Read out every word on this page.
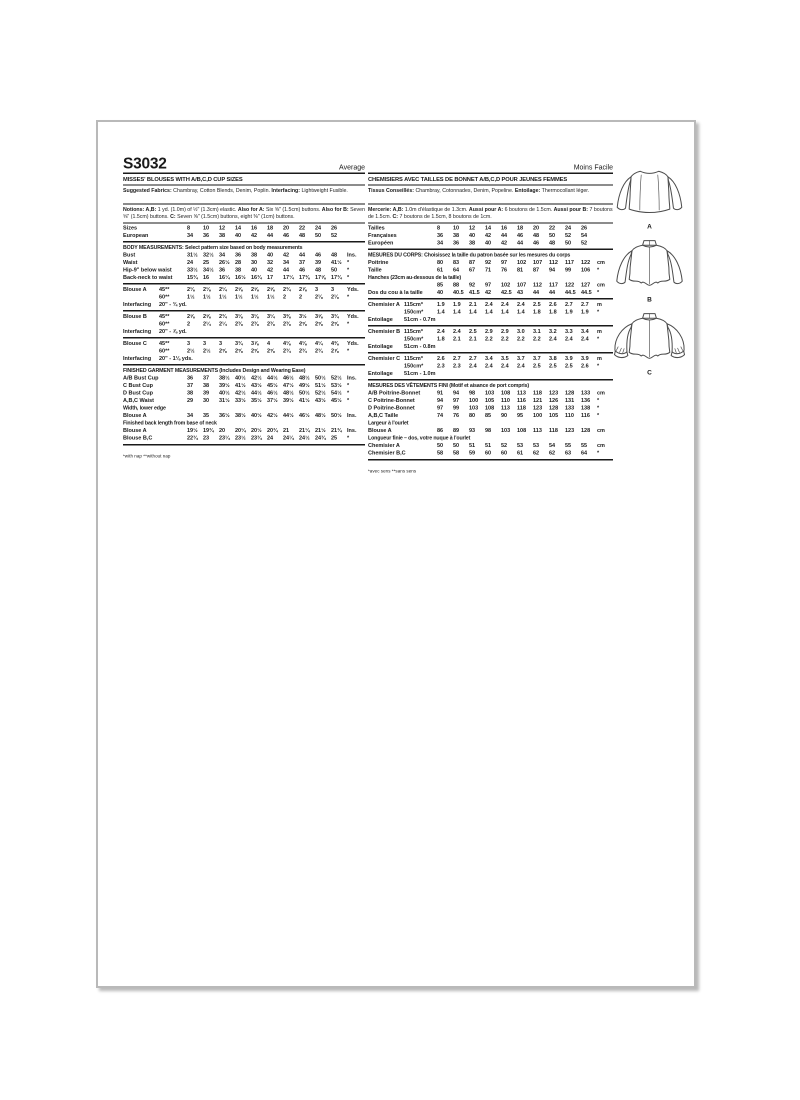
S3032	Average
MISSES' BLOUSES WITH A/B,C,D CUP SIZES
Suggested Fabrics: Chambray, Cotton Blends, Denim, Poplin. Interfacing: Lightweight Fusible.
Notions: A,B: 1 yd. (1.0m) of ½" (1.3cm) elastic. Also for A: Six ⅝" (1.5cm) buttons. Also for B: Seven ⅝" (1.5cm) buttons. C: Seven ⅝" (1.5cm) buttons, eight ⅜" (1cm) buttons.
Sizes	8	10 12 14 16 18 20 22 24 26
European	34 36 38 40 42 44 46 48 50 52
BODY MEASUREMENTS: Select pattern size based on body measurements
Bust	31½ 32½ 34 36 38 40 42 44 46 48 Ins.
Waist	24 25 26½ 28 30 32 34 37 39 41½ *
Hip-9" below waist	33½ 34½ 36 38 40 42 44 46 48 50 *
Back-neck to waist	15¾ 16 16¼ 16½ 16¾ 17 17¼ 17⅜ 17⅝ 17¾ *
Blouse A	45**	2⅛ 2⅛ 2¼ 2⅝ 2⅝ 2⅝ 2¾ 2⅞ 3	3	Yds.
60**	1½ 1½ 1½ 1½ 1½ 1½ 2	2	2⅛ 2⅛ *
Interfacing 20" - ¾ yd.
Blouse B	45**	2⅝ 2⅝ 2¾ 3⅛ 3⅛ 3¼ 3⅜ 3½ 3⅝ 3¾ Yds.
60**	2	2¼ 2¼ 2⅜ 2⅜ 2⅜ 2⅜ 2⅝ 2⅝ 2⅝ *
Interfacing 20" - ⅞ yd.
Blouse C	45**	3	3	3	3¾ 3⅞ 4	4⅛ 4⅛ 4¼ 4⅜ Yds.
60**	2½ 2½ 2⅝ 2⅝ 2⅝ 2⅝ 2¾ 2¾ 2¾ 2⅞ *
Interfacing 20" - 1⅛ yds.
FINISHED GARMENT MEASUREMENTS (Includes Design and Wearing Ease)
A/B Bust Cup	36 37 38½ 40½ 42½ 44½ 46½ 48½ 50½ 52½ Ins.
C Bust Cup	37 38 39½ 41½ 43½ 45½ 47½ 49½ 51½ 53½ *
D Bust Cup	38 39 40½ 42½ 44½ 46½ 48½ 50½ 52½ 54½ *
A,B,C Waist	29 30 31½ 33½ 35½ 37½ 39½ 41½ 43½ 45½ *
Width, lower edge
Blouse A	34 35 36½ 38½ 40½ 42½ 44½ 46½ 48½ 50½ Ins.
Finished back length from base of neck
Blouse A	19½ 19¾ 20 20¼ 20½ 20¾ 21 21¼ 21½ 21¾ Ins.
Blouse B,C	22¾ 23 23¼ 23½ 23¾ 24 24¼ 24½ 24¾ 25 *
*with nap **without nap
Moins Facile
CHEMISIERS AVEC TAILLES DE BONNET A/B,C,D POUR JEUNES FEMMES
Tissus Conseillés: Chambray, Cotonnades, Denim, Popeline. Entoilage: Thermocollant léger.
Mercerie: A,B: 1.0m d'élastique de 1.3cm. Aussi pour A: 6 boutons de 1.5cm. Aussi pour B: 7 boutons de 1.5cm. C: 7 boutons de 1.5cm, 8 boutons de 1cm.
Tailles	8	10 12 14 16 18 20 22 24 26
Françaises	36 38 40 42 44 46 48 50 52 54
Européen	34 36 38 40 42 44 46 48 50 52
MESURES DU CORPS: Choisissez la taille du patron basée sur les mesures du corps
Poitrine	80 83 87 92 97 102 107 112 117 122 cm
Taille	61 64 67 71 76 81 87 94 99 106 *
Hanches (23cm au-dessous de la taille)
85 88 92 97 102 107 112 117 122 127 cm
Dos du cou à la taille	40 40.5 41.5 42 42.5 43 44 44 44.5 44.5 *
Chemisier A 115cm*	1.9 1.9 2.1 2.4 2.4 2.4 2.5 2.6 2.7 2.7 m
150cm*	1.4 1.4 1.4 1.4 1.4 1.4 1.8 1.8 1.9 1.9 *
Entoilage	51cm - 0.7m
Chemisier B 115cm*	2.4 2.4 2.5 2.9 2.9 3.0 3.1 3.2 3.3 3.4 m
150cm*	1.8 2.1 2.1 2.2 2.2 2.2 2.2 2.4 2.4 2.4 *
Entoilage	51cm - 0.8m
Chemisier C 115cm*	2.6 2.7 2.7 3.4 3.5 3.7 3.7 3.8 3.9 3.9 m
150cm*	2.3 2.3 2.4 2.4 2.4 2.4 2.5 2.5 2.5 2.6 *
Entoilage	51cm - 1.0m
MESURES DES VÊTEMENTS FINI (Motif et aisance de port compris)
A/B Poitrine-Bonnet	91 94 98 103 108 113 118 123 128 133 cm
C Poitrine-Bonnet	94 97 100 105 110 116 121 126 131 136 *
D Poitrine-Bonnet	97 99 103 108 113 118 123 128 133 138 *
A,B,C Taille	74 76 80 85 90 95 100 105 110 116 *
Largeur à l'ourlet
Blouse A	86 89 93 98 103 108 113 118 123 128 cm
Longueur finie – dos, votre nuque à l'ourlet
Chemisier A	50 50 51 51 52 53 53 54 55 55 cm
Chemisier B,C	58 58 59 60 60 61 62 62 63 64 *
*avec sens **sans sens
A
B
C
